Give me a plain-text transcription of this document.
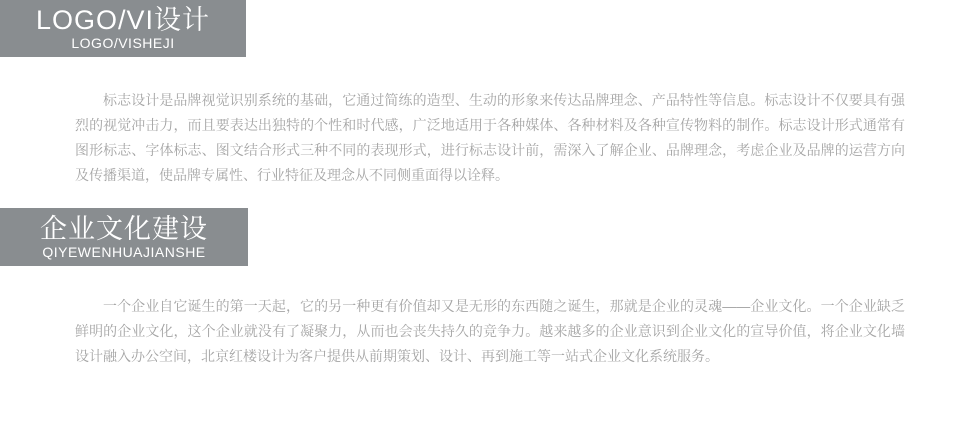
LOGO/VI设计
LOGO/VISHEJI

标志设计是品牌视觉识别系统的基础，它通过简练的造型、生动的形象来传达品牌理念、产品特性等信息。标志设计不仅要具有强烈的视觉冲击力，而且要表达出独特的个性和时代感，广泛地适用于各种媒体、各种材料及各种宣传物料的制作。标志设计形式通常有图形标志、字体标志、图文结合形式三种不同的表现形式，进行标志设计前，需深入了解企业、品牌理念，考虑企业及品牌的运营方向及传播渠道，使品牌专属性、行业特征及理念从不同侧重面得以诠释。

企业文化建设
QIYEWENHUAJIANSHE

一个企业自它诞生的第一天起，它的另一种更有价值却又是无形的东西随之诞生，那就是企业的灵魂——企业文化。一个企业缺乏鲜明的企业文化，这个企业就没有了凝聚力，从而也会丧失持久的竞争力。越来越多的企业意识到企业文化的宣导价值，将企业文化墙设计融入办公空间，北京红楼设计为客户提供从前期策划、设计、再到施工等一站式企业文化系统服务。
